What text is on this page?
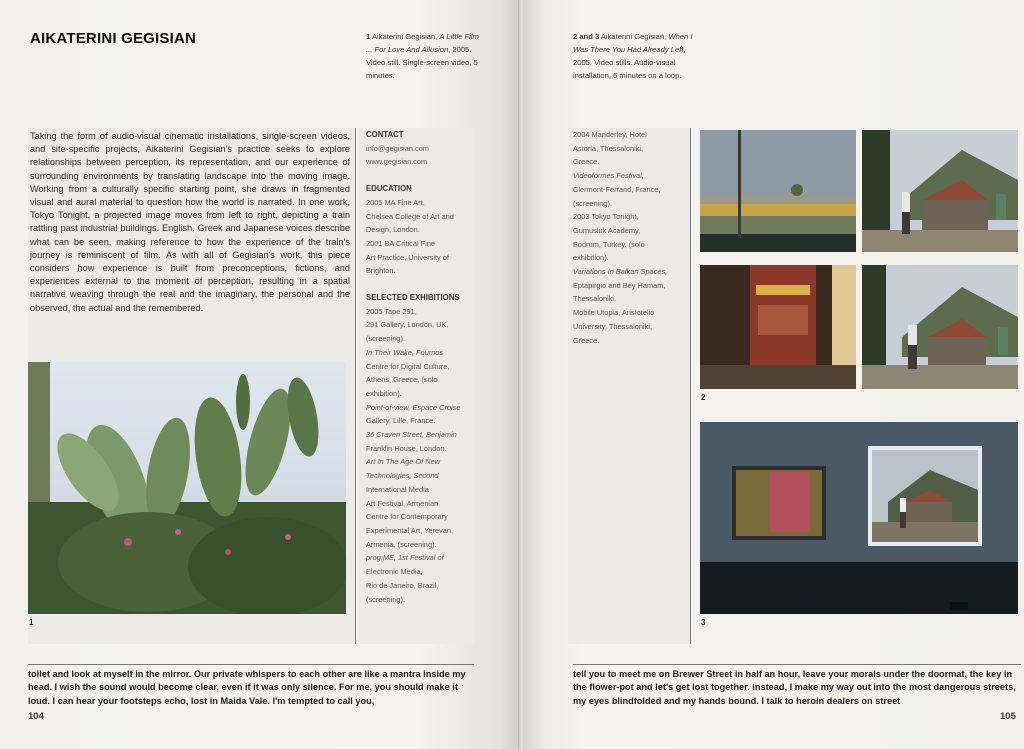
AIKATERINI GEGISIAN	1 Aikaterini Gegisian, A Little Film ... For Love And Allusion, 2005. Video still. Single-screen video, 5 minutes.
Taking the form of audio-visual cinematic installations, single-screen videos, and site-specific projects, Aikaterini Gegisian's practice seeks to explore relationships between perception, its representation, and our experience of surrounding environments by translating landscape into the moving image. Working from a culturally specific starting point, she draws in fragmented visual and aural material to question how the world is narrated. In one work, Tokyo Tonight, a projected image moves from left to right, depicting a train rattling past industrial buildings. English, Greek and Japanese voices describe what can be seen, making reference to how the experience of the train's journey is reminiscent of film. As with all of Gegisian's work, this piece considers how experience is built from preconceptions, fictions, and experiences external to the moment of perception, resulting in a spatial narrative weaving through the real and the imaginary, the personal and the observed, the actual and the remembered.
CONTACT
info@gegisian.com
www.gegisian.com
EDUCATION
2005 MA Fine Art,
Chelsea College of Art and
Design, London.
2001 BA Critical Fine
Art Practice, University of
Brighton.
SELECTED EXHIBITIONS
2005 Tape 291,
291 Gallery, London, UK,
(screening).
In Their Wake, Fournos
Centre for Digital Culture,
Athens, Greece, (solo
exhibition).
Point-of-view, Espace Croise
Gallery, Lille, France.
36 Craven Street, Benjamin
Franklin House, London.
Art In The Age Of New
Technologies, Second
International Media
Art Festival, Armenian
Centre for Contemporary
Experimental Art, Yerevan,
Armenia, (screening).
prog:ME, 1st Festival of
Electronic Media,
Rio de Janeiro, Brazil,
(screening).
1
toilet and look at myself in the mirror. Our private whispers to each other are like a mantra inside my head. I wish the sound would become clear, even if it was only silence. For me, you should make it loud. I can hear your footsteps echo, lost in Maida Vale. I'm tempted to call you,
104
2 and 3 Aikaterini Gegisian, When I Was There You Had Already Left, 2005. Video stills. Audio-visual installation, 6 minutes on a loop.
2004 Manderley, Hotel
Astoria, Thessaloniki,
Greece.
Videoformes Festival,
Clermont-Ferrand, France,
(screening).
2003 Tokyo Tonight,
Gumusluk Academy,
Bodrum, Turkey, (solo
exhibition).
Variations In Balkan Spaces,
Eptapirgio and Bey Hamam,
Thessaloniki.
Mobile Utopia, Aristotelio
University, Thessaloniki,
Greece.
2
3
tell you to meet me on Brewer Street in half an hour, leave your morals under the doormat, the key in the flower-pot and let's get lost together. Instead, I make my way out into the most dangerous streets, my eyes blindfolded and my hands bound. I talk to heroin dealers on street
105
